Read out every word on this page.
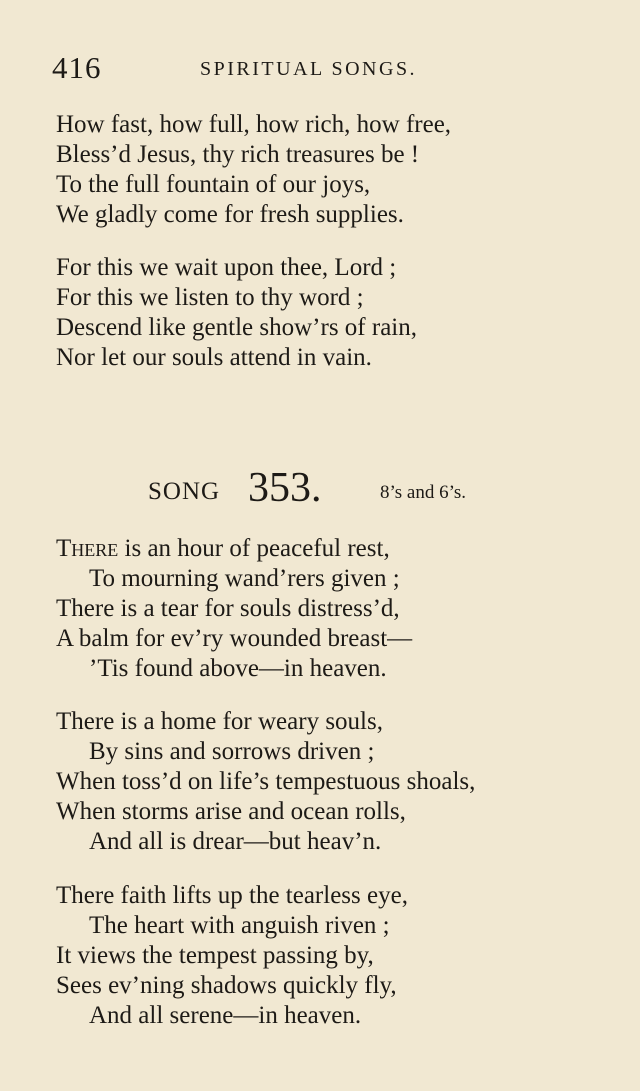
416	SPIRITUAL SONGS.
How fast, how full, how rich, how free,
Bless’d Jesus, thy rich treasures be !
To the full fountain of our joys,
We gladly come for fresh supplies.
For this we wait upon thee, Lord ;
For this we listen to thy word ;
Descend like gentle show’rs of rain,
Nor let our souls attend in vain.
SONG 353.	8’s and 6’s.
There is an hour of peaceful rest,
To mourning wand’rers given ;
There is a tear for souls distress’d,
A balm for ev’ry wounded breast—
’Tis found above—in heaven.
There is a home for weary souls,
By sins and sorrows driven ;
When toss’d on life’s tempestuous shoals,
When storms arise and ocean rolls,
And all is drear—but heav’n.
There faith lifts up the tearless eye,
The heart with anguish riven ;
It views the tempest passing by,
Sees ev’ning shadows quickly fly,
And all serene—in heaven.
